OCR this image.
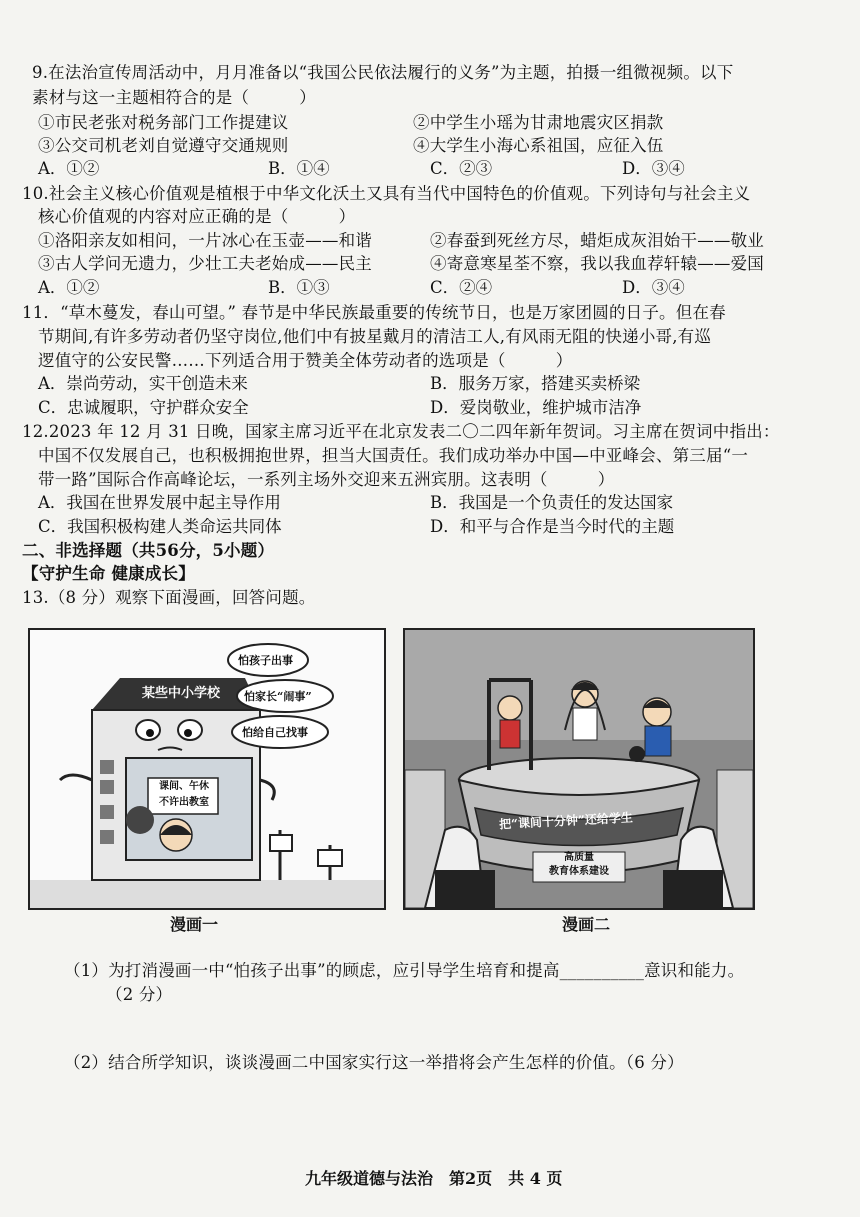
9.在法治宣传周活动中，月月准备以“我国公民依法履行的义务”为主题，拍摄一组微视频。以下
素材与这一主题相符合的是（　　　）
①市民老张对税务部门工作提建议	②中学生小瑶为甘肃地震灾区捐款
③公交司机老刘自觉遵守交通规则	④大学生小海心系祖国，应征入伍
A．①②	B．①④	C．②③	D．③④
10.社会主义核心价值观是植根于中华文化沃土又具有当代中国特色的价值观。下列诗句与社会主义
核心价值观的内容对应正确的是（　　　）
①洛阳亲友如相问，一片冰心在玉壶——和谐	②春蚕到死丝方尽，蜡炬成灰泪始干——敬业
③古人学问无遗力，少壮工夫老始成——民主	④寄意寒星荃不察，我以我血荐轩辕——爱国
A．①②	B．①③	C．②④	D．③④
11．“草木蔓发，春山可望。” 春节是中华民族最重要的传统节日，也是万家团圆的日子。但在春
节期间,有许多劳动者仍坚守岗位,他们中有披星戴月的清洁工人,有风雨无阻的快递小哥,有巡
逻值守的公安民警……下列适合用于赞美全体劳动者的选项是（　　　）
A．崇尚劳动，实干创造未来	B．服务万家，搭建买卖桥梁
C．忠诚履职，守护群众安全	D．爱岗敬业，维护城市洁净
12.2023 年 12 月 31 日晚，国家主席习近平在北京发表二〇二四年新年贺词。习主席在贺词中指出：
中国不仅发展自己，也积极拥抱世界，担当大国责任。我们成功举办中国—中亚峰会、第三届“一
带一路”国际合作高峰论坛，一系列主场外交迎来五洲宾朋。这表明（　　　）
A．我国在世界发展中起主导作用	B．我国是一个负责任的发达国家
C．我国积极构建人类命运共同体	D．和平与合作是当今时代的主题
二、非选择题（共56分，5小题）
【守护生命 健康成长】
13.（8 分）观察下面漫画，回答问题。
某些中小学校
怕孩子出事
怕家长“闹事”
怕给自己找事
课间、午休
不许出教室
漫画一
把“课间十分钟”还给学生
高质量
教育体系建设
漫画二
（1）为打消漫画一中“怕孩子出事”的顾虑，应引导学生培育和提高__________意识和能力。
（2 分）
（2）结合所学知识，谈谈漫画二中国家实行这一举措将会产生怎样的价值。（6 分）
九年级道德与法治　第2页　共 4 页
